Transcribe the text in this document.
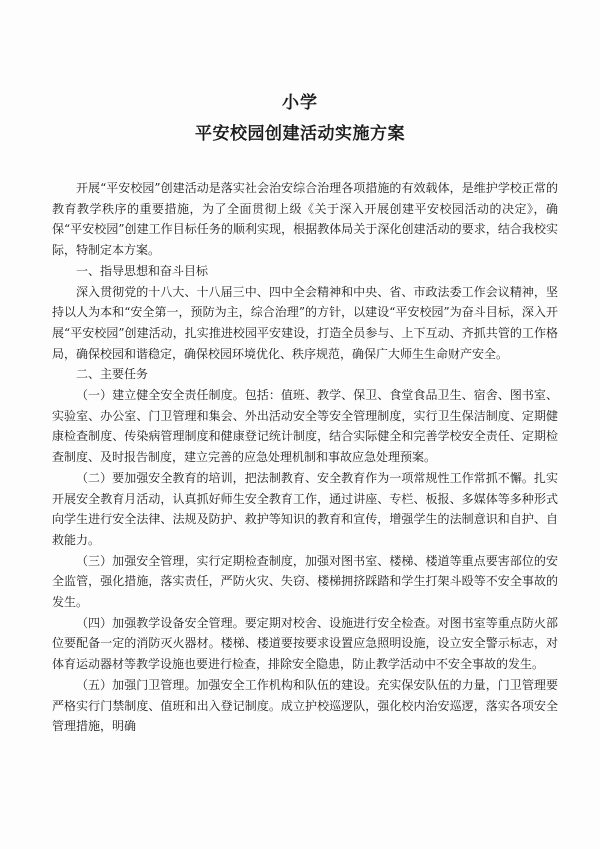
小学
平安校园创建活动实施方案

开展“平安校园”创建活动是落实社会治安综合治理各项措施的有效载体，是维护学校正常的教育教学秩序的重要措施，为了全面贯彻上级《关于深入开展创建平安校园活动的决定》，确保“平安校园”创建工作目标任务的顺利实现，根据教体局关于深化创建活动的要求，结合我校实际，特制定本方案。

一、指导思想和奋斗目标

深入贯彻党的十八大、十八届三中、四中全会精神和中央、省、市政法委工作会议精神，坚持以人为本和“安全第一，预防为主，综合治理”的方针，以建设“平安校园”为奋斗目标，深入开展“平安校园”创建活动，扎实推进校园平安建设，打造全员参与、上下互动、齐抓共管的工作格局，确保校园和谐稳定，确保校园环境优化、秩序规范，确保广大师生生命财产安全。

二、主要任务

（一）建立健全安全责任制度。包括：值班、教学、保卫、食堂食品卫生、宿舍、图书室、实验室、办公室、门卫管理和集会、外出活动安全等安全管理制度，实行卫生保洁制度、定期健康检查制度、传染病管理制度和健康登记统计制度，结合实际健全和完善学校安全责任、定期检查制度、及时报告制度，建立完善的应急处理机制和事故应急处理预案。

（二）要加强安全教育的培训，把法制教育、安全教育作为一项常规性工作常抓不懈。扎实开展安全教育月活动，认真抓好师生安全教育工作，通过讲座、专栏、板报、多媒体等多种形式向学生进行安全法律、法规及防护、救护等知识的教育和宣传，增强学生的法制意识和自护、自救能力。

（三）加强安全管理，实行定期检查制度，加强对图书室、楼梯、楼道等重点要害部位的安全监管，强化措施，落实责任，严防火灾、失窃、楼梯拥挤踩踏和学生打架斗殴等不安全事故的发生。

（四）加强教学设备安全管理。要定期对校舍、设施进行安全检查。对图书室等重点防火部位要配备一定的消防灭火器材。楼梯、楼道要按要求设置应急照明设施，设立安全警示标志，对体育运动器材等教学设施也要进行检查，排除安全隐患，防止教学活动中不安全事故的发生。

（五）加强门卫管理。加强安全工作机构和队伍的建设。充实保安队伍的力量，门卫管理要严格实行门禁制度、值班和出入登记制度。成立护校巡逻队，强化校内治安巡逻，落实各项安全管理措施，明确
